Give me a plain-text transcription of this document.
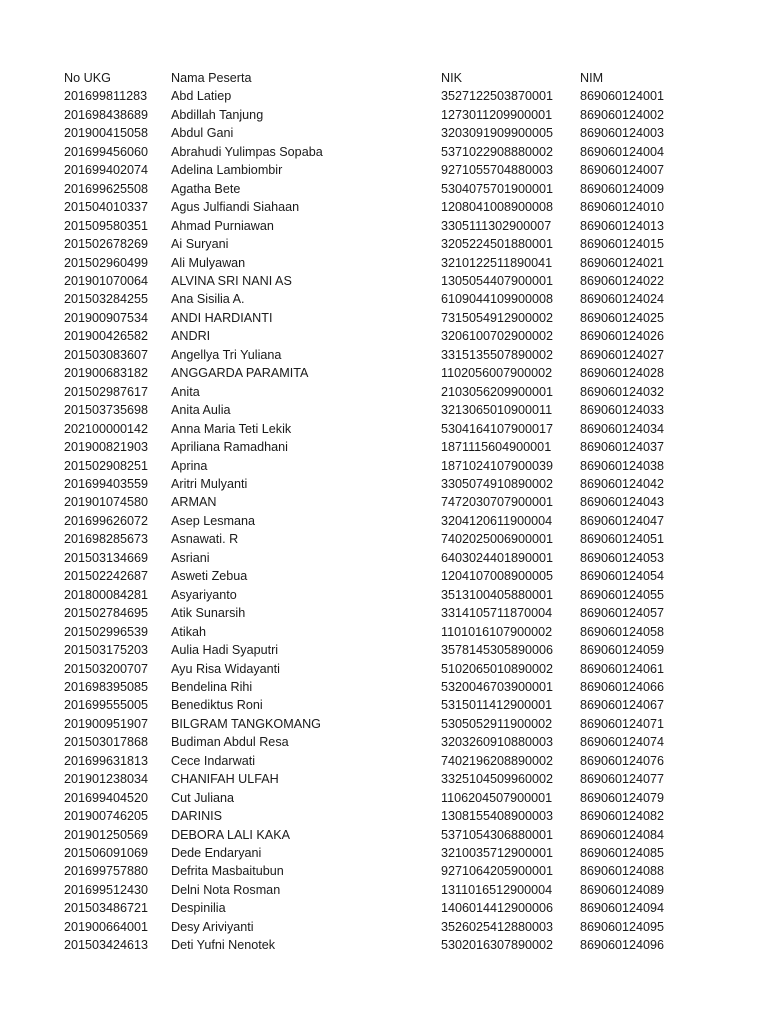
No UKG	Nama Peserta	NIK	NIM
201699811283	Abd Latiep	3527122503870001	869060124001
201698438689	Abdillah Tanjung	1273011209900001	869060124002
201900415058	Abdul Gani	3203091909900005	869060124003
201699456060	Abrahudi Yulimpas Sopaba	5371022908880002	869060124004
201699402074	Adelina Lambiombir	9271055704880003	869060124007
201699625508	Agatha Bete	5304075701900001	869060124009
201504010337	Agus Julfiandi Siahaan	1208041008900008	869060124010
201509580351	Ahmad Purniawan	3305111302900007	869060124013
201502678269	Ai Suryani	3205224501880001	869060124015
201502960499	Ali Mulyawan	3210122511890041	869060124021
201901070064	ALVINA SRI NANI AS	1305054407900001	869060124022
201503284255	Ana Sisilia A.	6109044109900008	869060124024
201900907534	ANDI HARDIANTI	7315054912900002	869060124025
201900426582	ANDRI	3206100702900002	869060124026
201503083607	Angellya Tri Yuliana	3315135507890002	869060124027
201900683182	ANGGARDA PARAMITA	1102056007900002	869060124028
201502987617	Anita	2103056209900001	869060124032
201503735698	Anita Aulia	3213065010900011	869060124033
202100000142	Anna Maria Teti Lekik	5304164107900017	869060124034
201900821903	Apriliana Ramadhani	1871115604900001	869060124037
201502908251	Aprina	1871024107900039	869060124038
201699403559	Aritri Mulyanti	3305074910890002	869060124042
201901074580	ARMAN	7472030707900001	869060124043
201699626072	Asep Lesmana	3204120611900004	869060124047
201698285673	Asnawati. R	7402025006900001	869060124051
201503134669	Asriani	6403024401890001	869060124053
201502242687	Asweti Zebua	1204107008900005	869060124054
201800084281	Asyariyanto	3513100405880001	869060124055
201502784695	Atik Sunarsih	3314105711870004	869060124057
201502996539	Atikah	1101016107900002	869060124058
201503175203	Aulia Hadi Syaputri	3578145305890006	869060124059
201503200707	Ayu Risa Widayanti	5102065010890002	869060124061
201698395085	Bendelina Rihi	5320046703900001	869060124066
201699555005	Benediktus Roni	5315011412900001	869060124067
201900951907	BILGRAM TANGKOMANG	5305052911900002	869060124071
201503017868	Budiman Abdul Resa	3203260910880003	869060124074
201699631813	Cece Indarwati	7402196208890002	869060124076
201901238034	CHANIFAH ULFAH	3325104509960002	869060124077
201699404520	Cut Juliana	1106204507900001	869060124079
201900746205	DARINIS	1308155408900003	869060124082
201901250569	DEBORA LALI KAKA	5371054306880001	869060124084
201506091069	Dede Endaryani	3210035712900001	869060124085
201699757880	Defrita Masbaitubun	9271064205900001	869060124088
201699512430	Delni Nota Rosman	1311016512900004	869060124089
201503486721	Despinilia	1406014412900006	869060124094
201900664001	Desy Ariviyanti	3526025412880003	869060124095
201503424613	Deti Yufni Nenotek	5302016307890002	869060124096
